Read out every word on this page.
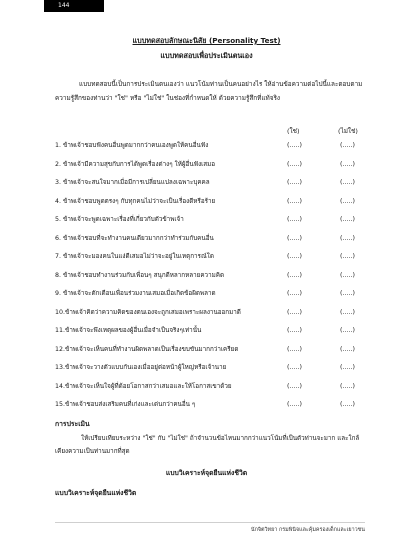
144
แบบทดสอบลักษณะนิสัย (Personality Test)
แบบทดสอบเพื่อประเมินตนเอง
แบบทดสอบนี้เป็นการประเมินตนเองว่า แนวโน้มท่านเป็นคนอย่างไร ให้อ่านข้อความต่อไปนี้และตอบตามความรู้สึกของท่านว่า "ใช่" หรือ "ไม่ใช่" ในช่องที่กำหนดให้ ด้วยความรู้สึกที่แท้จริง
(ใช่)	(ไม่ใช่)
1. ข้าพเจ้าชอบฟังคนอื่นพูดมากกว่าคนเองพูดให้คนอื่นฟัง	(.....)	(.....)
2. ข้าพเจ้ามีความสุขกับการได้พูดเรื่องต่างๆ ให้ผู้อื่นฟังเสมอ	(.....)	(.....)
3. ข้าพเจ้าจะสนใจมากเมื่อมีการเปลี่ยนแปลงเฉพาะบุคคล	(.....)	(.....)
4. ข้าพเจ้าชอบพูดตรงๆ กับทุกคนไม่ว่าจะเป็นเรื่องดีหรือร้าย	(.....)	(.....)
5. ข้าพเจ้าจะพูดเฉพาะเรื่องที่เกี่ยวกับตัวข้าพเจ้า	(.....)	(.....)
6. ข้าพเจ้าชอบที่จะทำงานคนเดียวมากกว่าทำร่วมกับคนอื่น	(.....)	(.....)
7. ข้าพเจ้าจะมองคนในแง่ดีเสมอไม่ว่าจะอยู่ในเหตุการณ์ใด	(.....)	(.....)
8. ข้าพเจ้าชอบทำงานร่วมกับเพื่อนๆ สนุกดีหลากหลายความคิด	(.....)	(.....)
9. ข้าพเจ้าจะตักเตือนเพื่อนร่วมงานเสมอเมื่อเกิดข้อผิดพลาด	(.....)	(.....)
10.ข้าพเจ้าคิดว่าความคิดของตนเองจะถูกเสมอเพราะผลงานออกมาดี	(.....)	(.....)
11.ข้าพเจ้าจะพึงเหตุผลของผู้อื่นเมื่อจำเป็นจริงๆเท่านั้น	(.....)	(.....)
12.ข้าพเจ้าจะเห็นคนที่ทำงานผิดพลาดเป็นเรื่องขบขันมากกว่าเครียด	(.....)	(.....)
13.ข้าพเจ้าจะวางตัวแบบกันเองเมื่ออยู่ต่อหน้าผู้ใหญ่หรือเจ้านาย	(.....)	(.....)
14.ข้าพเจ้าจะเห็นใจผู้ที่ด้อยโอกาสกว่าเสมอและให้โอกาสเขาด้วย	(.....)	(.....)
15.ข้าพเจ้าชอบส่งเสริมคนที่เก่งและเด่นกว่าคนอื่น ๆ	(.....)	(.....)
การประเมิน
ให้เปรียบเทียบระหว่าง "ใช่" กับ "ไม่ใช่" ถ้าจำนวนข้อไหนมากกว่าแนวโน้มที่เป็นตัวท่านจะมาก และใกล้เคียงความเป็นท่านมากที่สุด
แบบวิเคราะห์จุดยืนแห่งชีวิต
แบบวิเคราะห์จุดยืนแห่งชีวิต
นักจิตวิทยา กรมพินิจและคุ้มครองเด็กและเยาวชน
